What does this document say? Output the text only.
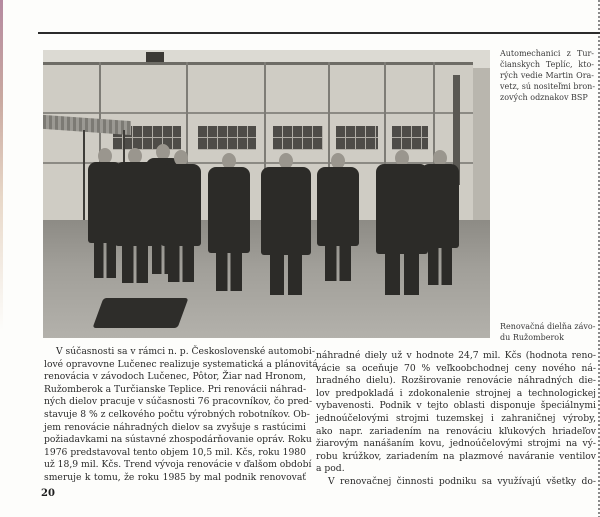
Automechanici z Tur-
čianskych Teplíc, kto-
rých vedie Martin Ora-
vetz, sú nositeľmi bron-
zových odznakov BSP
Renovačná dielňa závo-
du Ružomberok
V súčasnosti sa v rámci n. p. Československé automobi-
lové opravovne Lučenec realizuje systematická a plánovitá
renovácia v závodoch Lučenec, Pôtor, Žiar nad Hronom,
Ružomberok a Turčianske Teplice. Pri renovácii náhrad-
ných dielov pracuje v súčasnosti 76 pracovníkov, čo pred-
stavuje 8 % z celkového počtu výrobných robotníkov. Ob-
jem renovácie náhradných dielov sa zvyšuje s rastúcimi
požiadavkami na sústavné zhospodárňovanie opráv. Roku
1976 predstavoval tento objem 10,5 mil. Kčs, roku 1980
už 18,9 mil. Kčs. Trend vývoja renovácie v ďalšom období
smeruje k tomu, že roku 1985 by mal podnik renovovať
náhradné diely už v hodnote 24,7 mil. Kčs (hodnota reno-
vácie sa oceňuje 70 % veľkoobchodnej ceny nového ná-
hradného dielu). Rozširovanie renovácie náhradných die-
lov predpokladá i zdokonalenie strojnej a technologickej
vybavenosti. Podnik v tejto oblasti disponuje špeciálnymi
jednoúčelovými strojmi tuzemskej i zahraničnej výroby,
ako napr. zariadením na renováciu kľukových hriadeľov
žiarovým nanášaním kovu, jednoúčelovými strojmi na vý-
robu krúžkov, zariadením na plazmové naváranie ventilov
a pod.
V renovačnej činnosti podniku sa využívajú všetky do-
20
